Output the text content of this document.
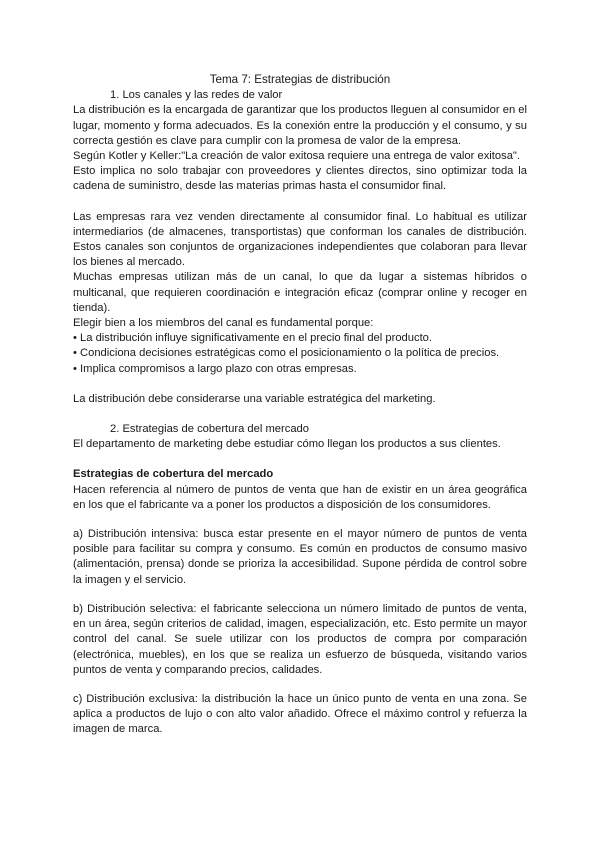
Tema 7: Estrategias de distribución

1. Los canales y las redes de valor

La distribución es la encargada de garantizar que los productos lleguen al consumidor en el lugar, momento y forma adecuados. Es la conexión entre la producción y el consumo, y su correcta gestión es clave para cumplir con la promesa de valor de la empresa.

Según Kotler y Keller:"La creación de valor exitosa requiere una entrega de valor exitosa".

Esto implica no solo trabajar con proveedores y clientes directos, sino optimizar toda la cadena de suministro, desde las materias primas hasta el consumidor final.

Las empresas rara vez venden directamente al consumidor final. Lo habitual es utilizar intermediarios (de almacenes, transportistas) que conforman los canales de distribución. Estos canales son conjuntos de organizaciones independientes que colaboran para llevar los bienes al mercado.

Muchas empresas utilizan más de un canal, lo que da lugar a sistemas híbridos o multicanal, que requieren coordinación e integración eficaz (comprar online y recoger en tienda).

Elegir bien a los miembros del canal es fundamental porque:

• La distribución influye significativamente en el precio final del producto.
• Condiciona decisiones estratégicas como el posicionamiento o la política de precios.
• Implica compromisos a largo plazo con otras empresas.

La distribución debe considerarse una variable estratégica del marketing.

2. Estrategias de cobertura del mercado

El departamento de marketing debe estudiar cómo llegan los productos a sus clientes.

Estrategias de cobertura del mercado

Hacen referencia al número de puntos de venta que han de existir en un área geográfica en los que el fabricante va a poner los productos a disposición de los consumidores.

a) Distribución intensiva: busca estar presente en el mayor número de puntos de venta posible para facilitar su compra y consumo. Es común en productos de consumo masivo (alimentación, prensa) donde se prioriza la accesibilidad. Supone pérdida de control sobre la imagen y el servicio.

b) Distribución selectiva: el fabricante selecciona un número limitado de puntos de venta, en un área, según criterios de calidad, imagen, especialización, etc. Esto permite un mayor control del canal. Se suele utilizar con los productos de compra por comparación (electrónica, muebles), en los que se realiza un esfuerzo de búsqueda, visitando varios puntos de venta y comparando precios, calidades.

c) Distribución exclusiva: la distribución la hace un único punto de venta en una zona. Se aplica a productos de lujo o con alto valor añadido. Ofrece el máximo control y refuerza la imagen de marca.
